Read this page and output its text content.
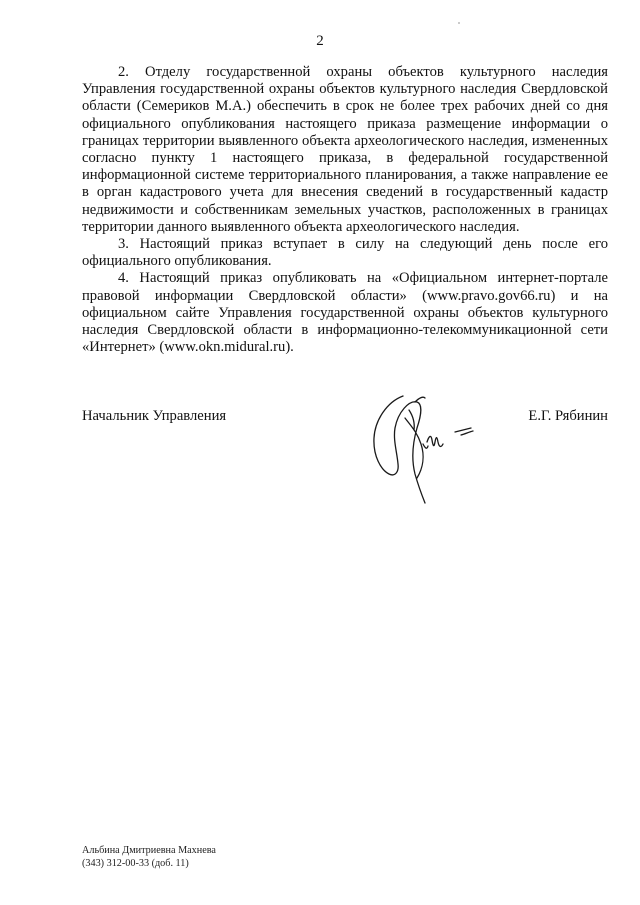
2

2. Отделу государственной охраны объектов культурного наследия Управления государственной охраны объектов культурного наследия Свердловской области (Семериков М.А.) обеспечить в срок не более трех рабочих дней со дня официального опубликования настоящего приказа размещение информации о границах территории выявленного объекта археологического наследия, измененных согласно пункту 1 настоящего приказа, в федеральной государственной информационной системе территориального планирования, а также направление ее в орган кадастрового учета для внесения сведений в государственный кадастр недвижимости и собственникам земельных участков, расположенных в границах территории данного выявленного объекта археологического наследия.

3. Настоящий приказ вступает в силу на следующий день после его официального опубликования.

4. Настоящий приказ опубликовать на «Официальном интернет-портале правовой информации Свердловской области» (www.pravo.gov66.ru) и на официальном сайте Управления государственной охраны объектов культурного наследия Свердловской области в информационно-телекоммуникационной сети «Интернет» (www.okn.midural.ru).

Начальник Управления	Е.Г. Рябинин
Альбина Дмитриевна Махнева
(343) 312-00-33 (доб. 11)
